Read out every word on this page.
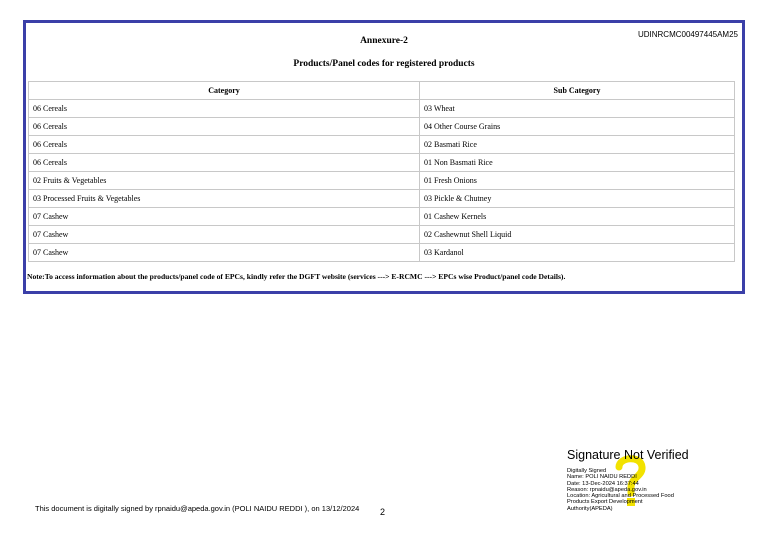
UDINRCMC00497445AM25
Annexure-2
Products/Panel codes for registered products
Category	Sub Category
06 Cereals	03 Wheat
06 Cereals	04 Other Course Grains
06 Cereals	02 Basmati Rice
06 Cereals	01 Non Basmati Rice
02 Fruits & Vegetables	01 Fresh Onions
03 Processed Fruits & Vegetables	03 Pickle & Chutney
07 Cashew	01 Cashew Kernels
07 Cashew	02 Cashewnut Shell Liquid
07 Cashew	03 Kardanol
Note:To access information about the products/panel code of EPCs, kindly refer the DGFT website (services ---> E-RCMC ---> EPCs wise Product/panel code Details).
This document is digitally signed by rpnaidu@apeda.gov.in (POLI NAIDU REDDI ), on 13/12/2024 2
Signature Not Verified
Digitally Signed
Name: POLI NAIDU REDDI
Date: 13-Dec-2024 16:37:44
Reason: rpnaidu@apeda.gov.in
Location: Agricultural and Processed Food
Products Export Development
Authority(APEDA)
